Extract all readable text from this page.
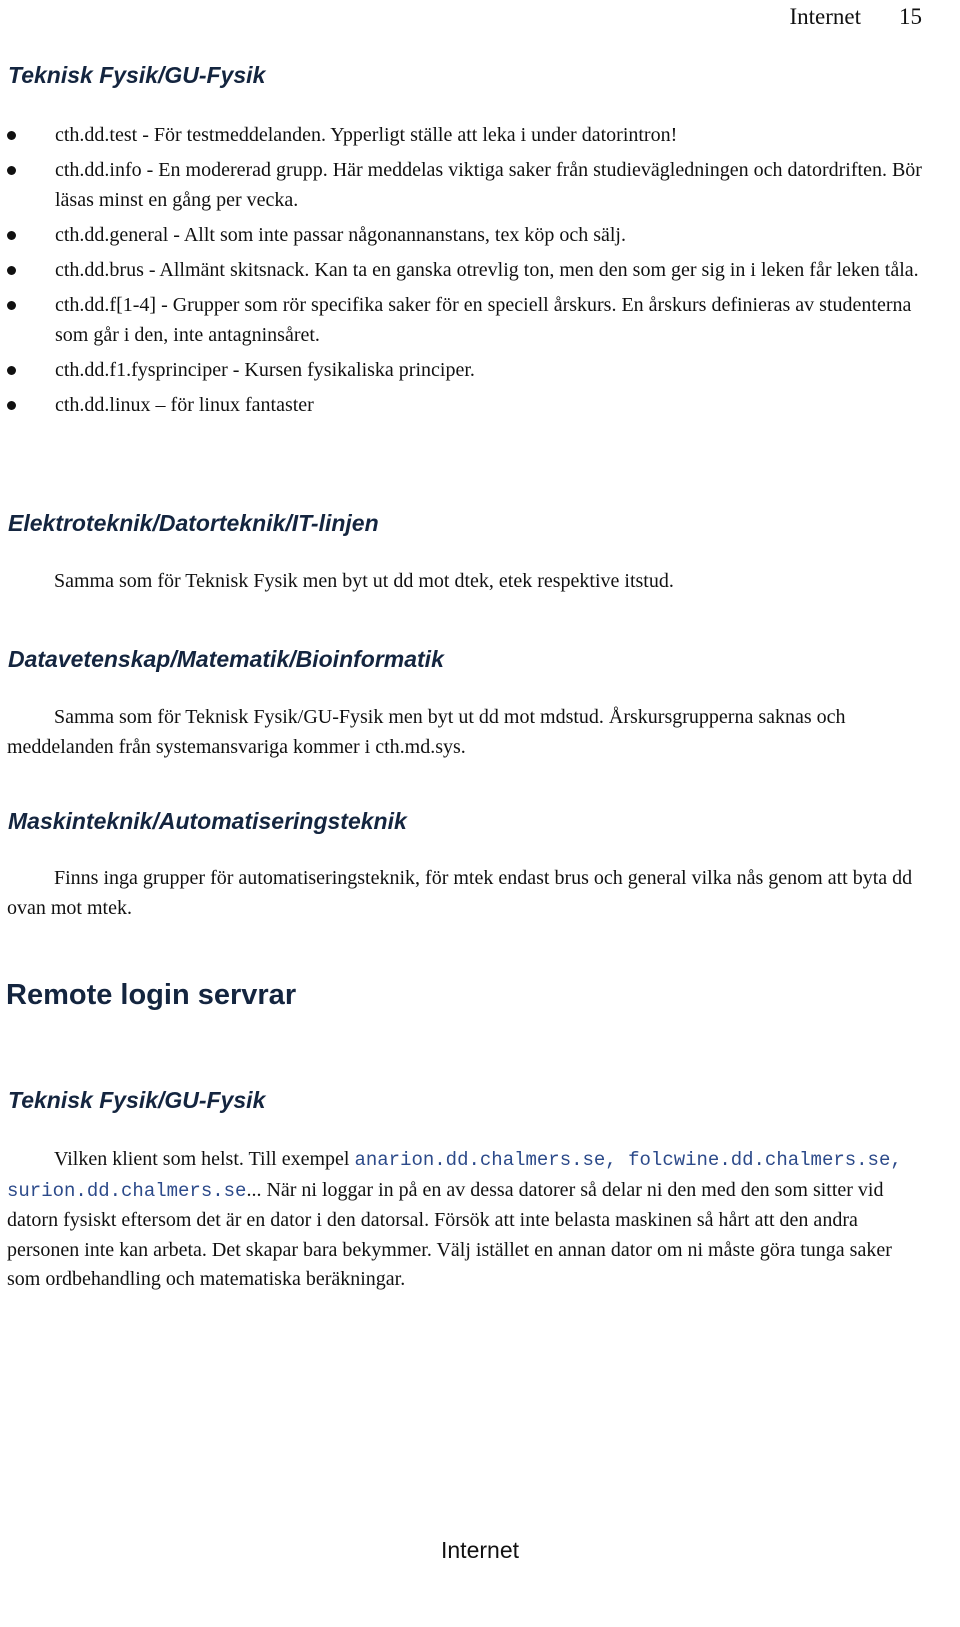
Internet 15
Teknisk Fysik/GU-Fysik
cth.dd.test - För testmeddelanden. Ypperligt ställe att leka i under datorintron!
cth.dd.info - En modererad grupp. Här meddelas viktiga saker från studievägledningen och datordriften. Bör läsas minst en gång per vecka.
cth.dd.general - Allt som inte passar någonannanstans, tex köp och sälj.
cth.dd.brus - Allmänt skitsnack. Kan ta en ganska otrevlig ton, men den som ger sig in i leken får leken tåla.
cth.dd.f[1-4] - Grupper som rör specifika saker för en speciell årskurs. En årskurs definieras av studenterna som går i den, inte antagninsåret.
cth.dd.f1.fysprinciper - Kursen fysikaliska principer.
cth.dd.linux – för linux fantaster
Elektroteknik/Datorteknik/IT-linjen

Samma som för Teknisk Fysik men byt ut dd mot dtek, etek respektive itstud.

Datavetenskap/Matematik/Bioinformatik

Samma som för Teknisk Fysik/GU-Fysik men byt ut dd mot mdstud. Årskursgrupperna saknas och meddelanden från systemansvariga kommer i cth.md.sys.

Maskinteknik/Automatiseringsteknik

Finns inga grupper för automatiseringsteknik, för mtek endast brus och general vilka nås genom att byta dd ovan mot mtek.

Remote login servrar
Teknisk Fysik/GU-Fysik

Vilken klient som helst. Till exempel anarion.dd.chalmers.se, folcwine.dd.chalmers.se, surion.dd.chalmers.se... När ni loggar in på en av dessa datorer så delar ni den med den som sitter vid datorn fysiskt eftersom det är en dator i den datorsal. Försök att inte belasta maskinen så hårt att den andra personen inte kan arbeta. Det skapar bara bekymmer. Välj istället en annan dator om ni måste göra tunga saker som ordbehandling och matematiska beräkningar.

Internet
